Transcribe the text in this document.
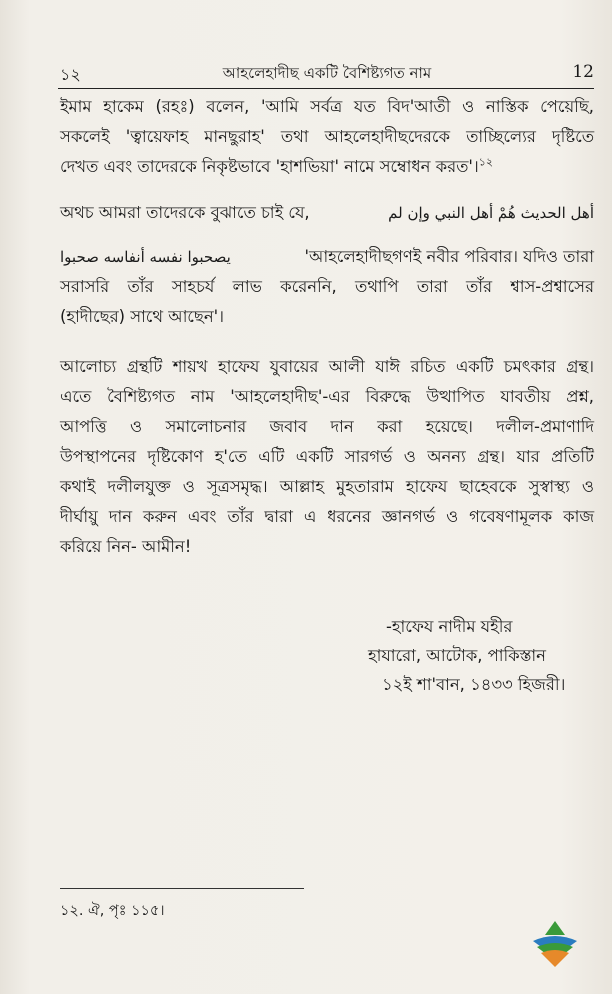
১২	আহলেহাদীছ একটি বৈশিষ্ট্যগত নাম	12
ইমাম হাকেম (রহঃ) বলেন, 'আমি সর্বত্র যত বিদ'আতী ও নাস্তিক পেয়েছি,
সকলেই 'ত্বায়েফাহ মানছুরাহ' তথা আহলেহাদীছদেরকে তাচ্ছিল্যের দৃষ্টিতে
দেখত এবং তাদেরকে নিকৃষ্টভাবে 'হাশভিয়া' নামে সম্বোধন করত'।$^{১২}$
অথচ আমরা তাদেরকে বুঝাতে চাই যে,	أهل الحديث هُمْ أهل النبي وإن لم
يصحبوا نفسه أنفاسه صحبوا	'আহলেহাদীছগণই নবীর পরিবার। যদিও তারা
সরাসরি তাঁর সাহচর্য লাভ করেননি, তথাপি তারা তাঁর শ্বাস-প্রশ্বাসের
(হাদীছের) সাথে আছেন'।
আলোচ্য গ্রন্থটি শায়খ হাফেয যুবায়ের আলী যাঈ রচিত একটি চমৎকার গ্রন্থ।
এতে বৈশিষ্ট্যগত নাম 'আহলেহাদীছ'-এর বিরুদ্ধে উত্থাপিত যাবতীয় প্রশ্ন,
আপত্তি ও সমালোচনার জবাব দান করা হয়েছে। দলীল-প্রমাণাদি
উপস্থাপনের দৃষ্টিকোণ হ'তে এটি একটি সারগর্ভ ও অনন্য গ্রন্থ। যার প্রতিটি
কথাই দলীলযুক্ত ও সূত্রসমৃদ্ধ। আল্লাহ মুহতারাম হাফেয ছাহেবকে সুস্বাস্থ্য ও
দীর্ঘায়ু দান করুন এবং তাঁর দ্বারা এ ধরনের জ্ঞানগর্ভ ও গবেষণামূলক কাজ
করিয়ে নিন- আমীন!
-হাফেয নাদীম যহীর
হাযারো, আটোক, পাকিস্তান
১২ই শা'বান, ১৪৩৩ হিজরী।
১২. ঐ, পৃঃ ১১৫।
